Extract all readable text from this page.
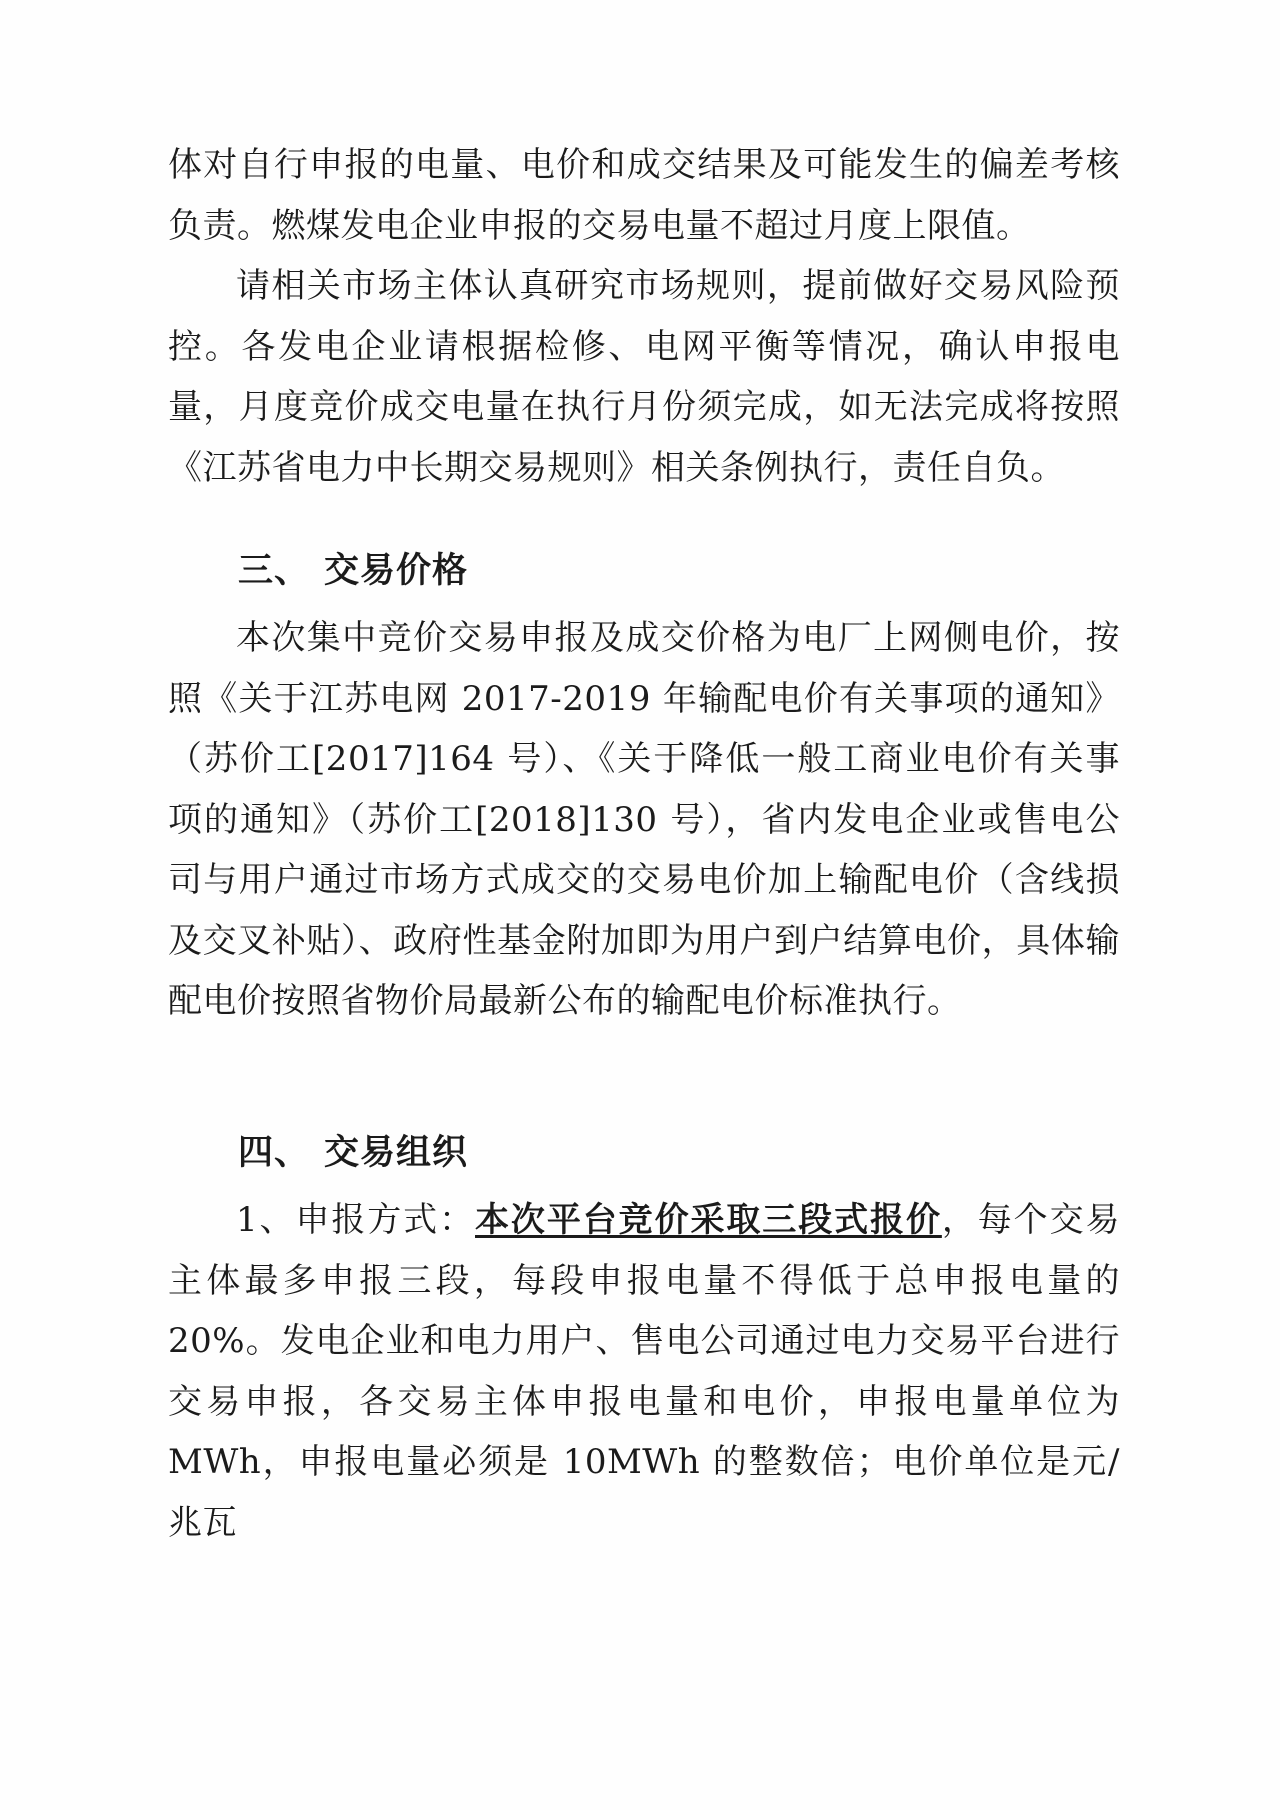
体对自行申报的电量、电价和成交结果及可能发生的偏差考核负责。燃煤发电企业申报的交易电量不超过月度上限值。

请相关市场主体认真研究市场规则，提前做好交易风险预控。各发电企业请根据检修、电网平衡等情况，确认申报电量，月度竞价成交电量在执行月份须完成，如无法完成将按照《江苏省电力中长期交易规则》相关条例执行，责任自负。

三、 交易价格

本次集中竞价交易申报及成交价格为电厂上网侧电价，按照《关于江苏电网 2017-2019 年输配电价有关事项的通知》（苏价工[2017]164 号）、《关于降低一般工商业电价有关事项的通知》（苏价工[2018]130 号），省内发电企业或售电公司与用户通过市场方式成交的交易电价加上输配电价（含线损及交叉补贴）、政府性基金附加即为用户到户结算电价，具体输配电价按照省物价局最新公布的输配电价标准执行。

四、 交易组织

1、申报方式：本次平台竞价采取三段式报价，每个交易主体最多申报三段，每段申报电量不得低于总申报电量的 20%。发电企业和电力用户、售电公司通过电力交易平台进行交易申报，各交易主体申报电量和电价，申报电量单位为 MWh，申报电量必须是 10MWh 的整数倍；电价单位是元/兆瓦
